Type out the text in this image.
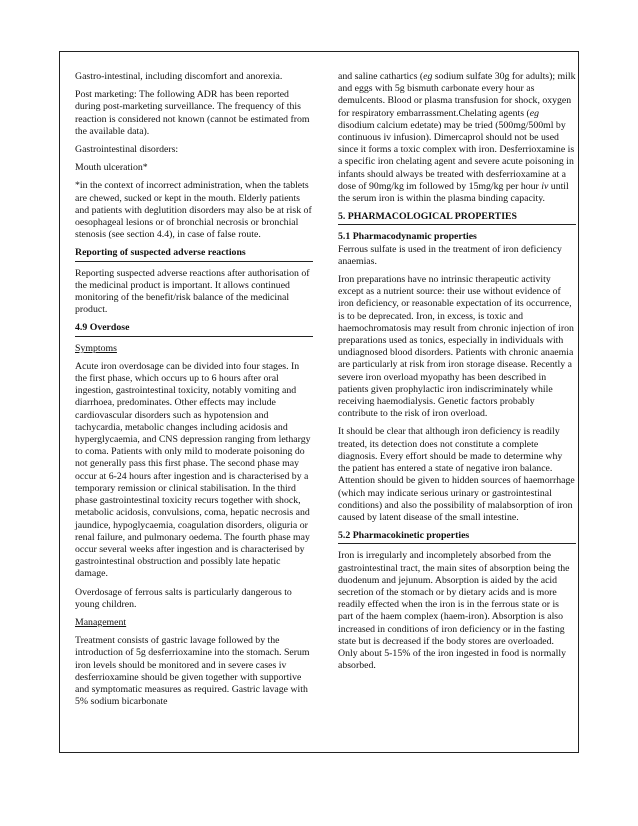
Gastro-intestinal, including discomfort and anorexia.

Post marketing: The following ADR has been reported during post-marketing surveillance. The frequency of this reaction is considered not known (cannot be estimated from the available data).

Gastrointestinal disorders:

Mouth ulceration*

*in the context of incorrect administration, when the tablets are chewed, sucked or kept in the mouth. Elderly patients and patients with deglutition disorders may also be at risk of oesophageal lesions or of bronchial necrosis or bronchial stenosis (see section 4.4), in case of false route.

Reporting of suspected adverse reactions

Reporting suspected adverse reactions after authorisation of the medicinal product is important. It allows continued monitoring of the benefit/risk balance of the medicinal product.

4.9 Overdose

Symptoms

Acute iron overdosage can be divided into four stages. In the first phase, which occurs up to 6 hours after oral ingestion, gastrointestinal toxicity, notably vomiting and diarrhoea, predominates. Other effects may include cardiovascular disorders such as hypotension and tachycardia, metabolic changes including acidosis and hyperglycaemia, and CNS depression ranging from lethargy to coma. Patients with only mild to moderate poisoning do not generally pass this first phase. The second phase may occur at 6-24 hours after ingestion and is characterised by a temporary remission or clinical stabilisation. In the third phase gastrointestinal toxicity recurs together with shock, metabolic acidosis, convulsions, coma, hepatic necrosis and jaundice, hypoglycaemia, coagulation disorders, oliguria or renal failure, and pulmonary oedema. The fourth phase may occur several weeks after ingestion and is characterised by gastrointestinal obstruction and possibly late hepatic damage.

Overdosage of ferrous salts is particularly dangerous to young children.

Management

Treatment consists of gastric lavage followed by the introduction of 5g desferrioxamine into the stomach. Serum iron levels should be monitored and in severe cases iv desferrioxamine should be given together with supportive and symptomatic measures as required. Gastric lavage with 5% sodium bicarbonate

and saline cathartics (eg sodium sulfate 30g for adults); milk and eggs with 5g bismuth carbonate every hour as demulcents. Blood or plasma transfusion for shock, oxygen for respiratory embarrassment.Chelating agents (eg disodium calcium edetate) may be tried (500mg/500ml by continuous iv infusion). Dimercaprol should not be used since it forms a toxic complex with iron. Desferrioxamine is a specific iron chelating agent and severe acute poisoning in infants should always be treated with desferrioxamine at a dose of 90mg/kg im followed by 15mg/kg per hour iv until the serum iron is within the plasma binding capacity.

5. PHARMACOLOGICAL PROPERTIES

5.1 Pharmacodynamic properties

Ferrous sulfate is used in the treatment of iron deficiency anaemias.

Iron preparations have no intrinsic therapeutic activity except as a nutrient source: their use without evidence of iron deficiency, or reasonable expectation of its occurrence, is to be deprecated. Iron, in excess, is toxic and haemochromatosis may result from chronic injection of iron preparations used as tonics, especially in individuals with undiagnosed blood disorders. Patients with chronic anaemia are particularly at risk from iron storage disease. Recently a severe iron overload myopathy has been described in patients given prophylactic iron indiscriminately while receiving haemodialysis. Genetic factors probably contribute to the risk of iron overload.

It should be clear that although iron deficiency is readily treated, its detection does not constitute a complete diagnosis. Every effort should be made to determine why the patient has entered a state of negative iron balance. Attention should be given to hidden sources of haemorrhage (which may indicate serious urinary or gastrointestinal conditions) and also the possibility of malabsorption of iron caused by latent disease of the small intestine.

5.2 Pharmacokinetic properties

Iron is irregularly and incompletely absorbed from the gastrointestinal tract, the main sites of absorption being the duodenum and jejunum. Absorption is aided by the acid secretion of the stomach or by dietary acids and is more readily effected when the iron is in the ferrous state or is part of the haem complex (haem-iron). Absorption is also increased in conditions of iron deficiency or in the fasting state but is decreased if the body stores are overloaded. Only about 5-15% of the iron ingested in food is normally absorbed.
